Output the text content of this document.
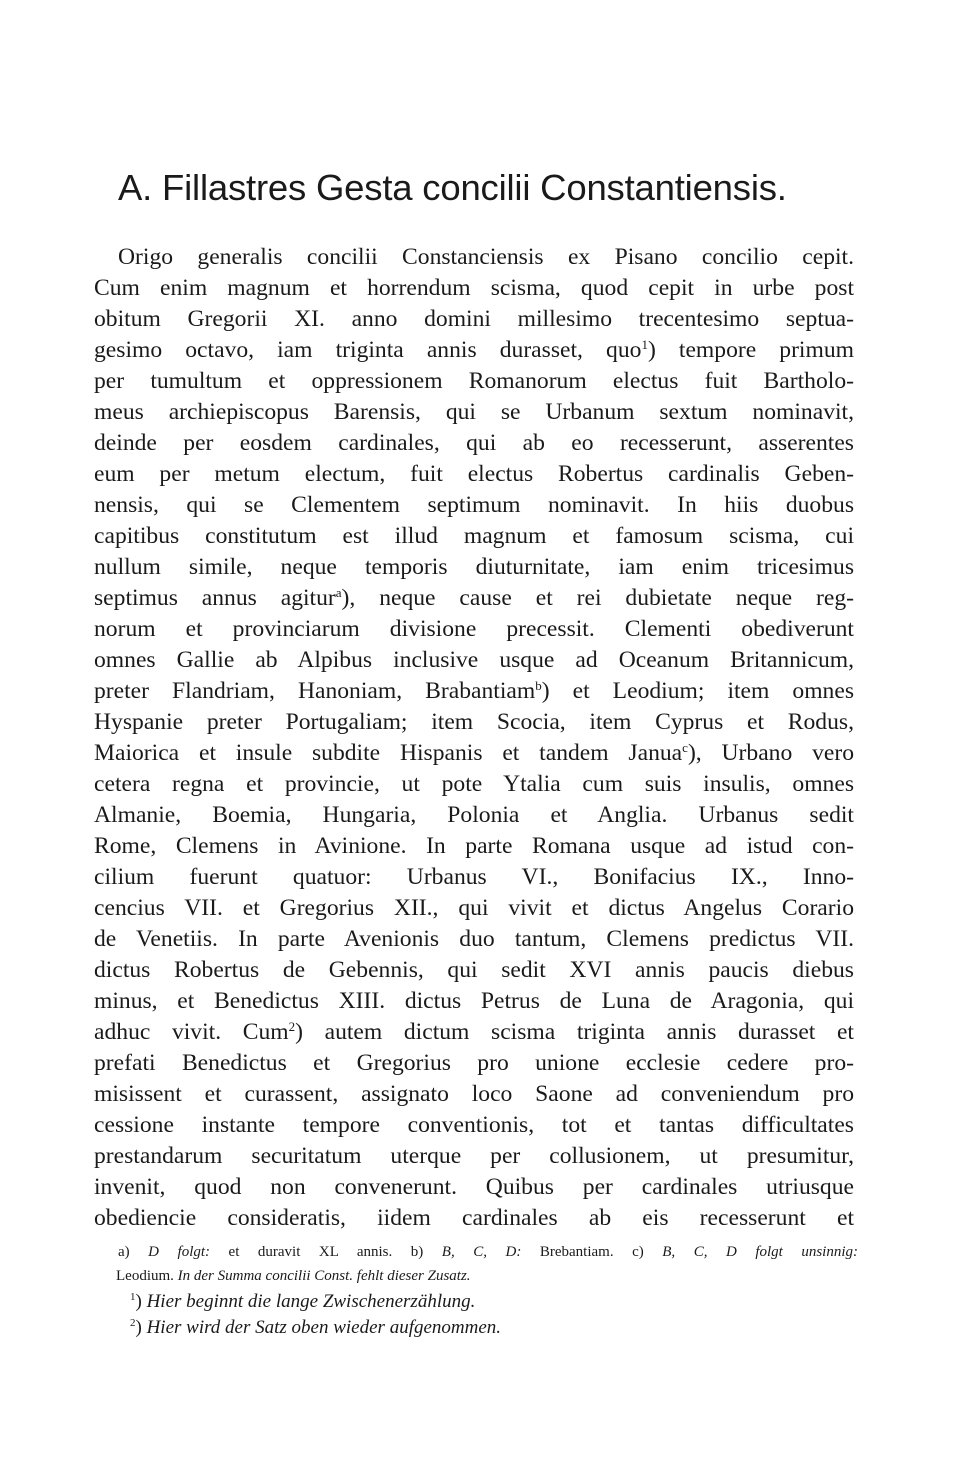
A. Fillastres Gesta concilii Constantiensis.
Origo generalis concilii Constanciensis ex Pisano concilio cepit.
Cum enim magnum et horrendum scisma, quod cepit in urbe post
obitum Gregorii XI. anno domini millesimo trecentesimo septua-
gesimo octavo, iam triginta annis durasset, quo$^1$) tempore primum
per tumultum et oppressionem Romanorum electus fuit Bartholo-
meus archiepiscopus Barensis, qui se Urbanum sextum nominavit,
deinde per eosdem cardinales, qui ab eo recesserunt, asserentes
eum per metum electum, fuit electus Robertus cardinalis Geben-
nensis, qui se Clementem septimum nominavit. In hiis duobus
capitibus constitutum est illud magnum et famosum scisma, cui
nullum simile, neque temporis diuturnitate, iam enim tricesimus
septimus annus agitur$^a$), neque cause et rei dubietate neque reg-
norum et provinciarum divisione precessit. Clementi obediverunt
omnes Gallie ab Alpibus inclusive usque ad Oceanum Britannicum,
preter Flandriam, Hanoniam, Brabantiam$^b$) et Leodium; item omnes
Hyspanie preter Portugaliam; item Scocia, item Cyprus et Rodus,
Maiorica et insule subdite Hispanis et tandem Janua$^c$), Urbano vero
cetera regna et provincie, ut pote Ytalia cum suis insulis, omnes
Almanie, Boemia, Hungaria, Polonia et Anglia. Urbanus sedit
Rome, Clemens in Avinione. In parte Romana usque ad istud con-
cilium fuerunt quatuor: Urbanus VI., Bonifacius IX., Inno-
cencius VII. et Gregorius XII., qui vivit et dictus Angelus Corario
de Venetiis. In parte Avenionis duo tantum, Clemens predictus VII.
dictus Robertus de Gebennis, qui sedit XVI annis paucis diebus
minus, et Benedictus XIII. dictus Petrus de Luna de Aragonia, qui
adhuc vivit. Cum$^2$) autem dictum scisma triginta annis durasset et
prefati Benedictus et Gregorius pro unione ecclesie cedere pro-
misissent et curassent, assignato loco Saone ad conveniendum pro
cessione instante tempore conventionis, tot et tantas difficultates
prestandarum securitatum uterque per collusionem, ut presumitur,
invenit, quod non convenerunt. Quibus per cardinales utriusque
obediencie consideratis, iidem cardinales ab eis recesserunt et
a) D folgt: et duravit XL annis. b) B, C, D: Brebantiam. c) B, C, D folgt unsinnig:
Leodium. In der Summa concilii Const. fehlt dieser Zusatz.
$^1$) Hier beginnt die lange Zwischenerzählung.
$^2$) Hier wird der Satz oben wieder aufgenommen.
